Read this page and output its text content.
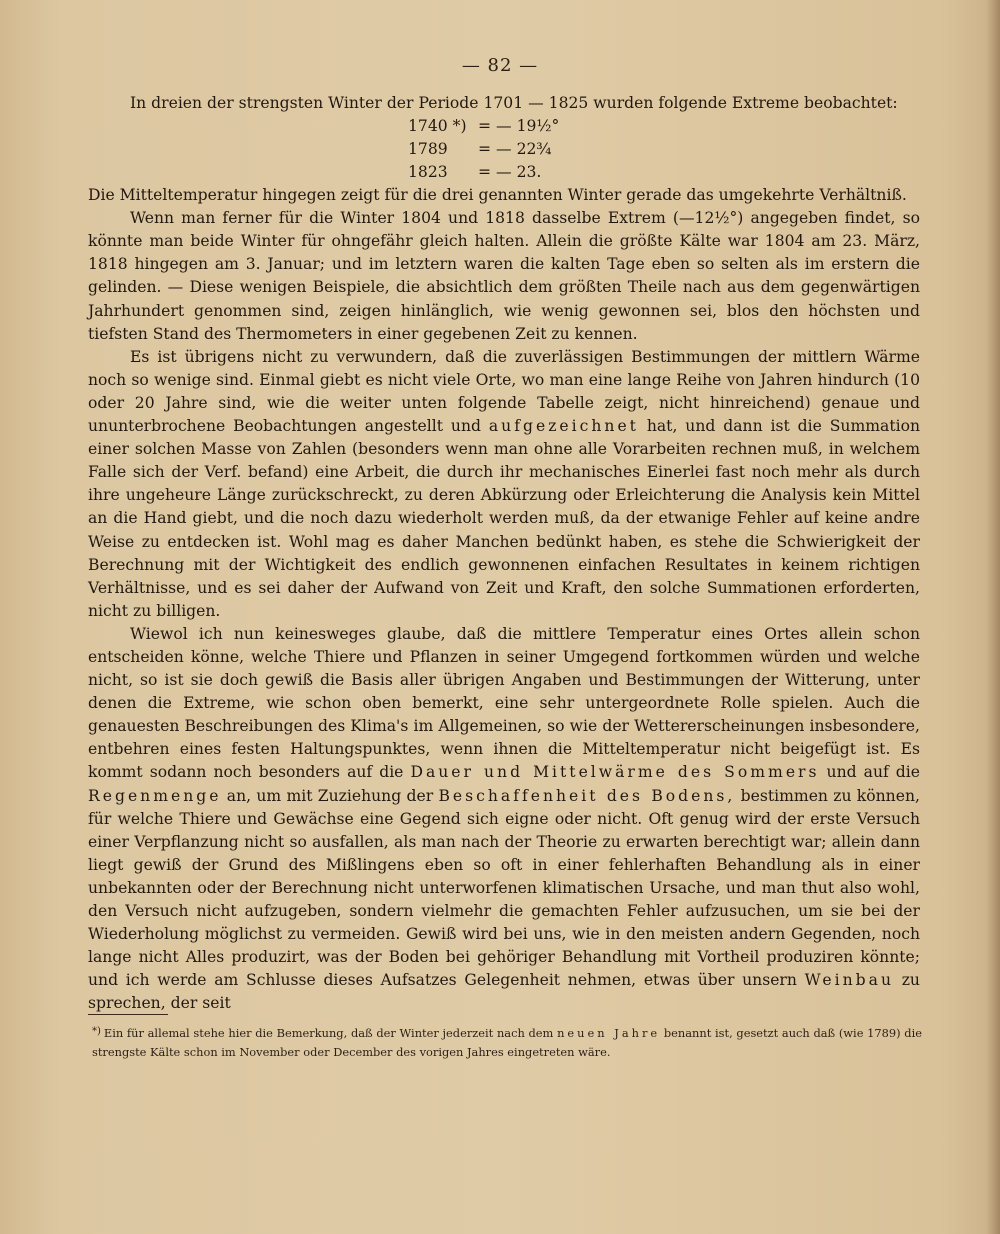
— 82 —

In dreien der strengsten Winter der Periode 1701 — 1825 wurden folgende Extreme beobachtet:

1740 *) = — 19½°
1789	= — 22¾
1823	= — 23.

Die Mitteltemperatur hingegen zeigt für die drei genannten Winter gerade das umgekehrte Verhältniß.

Wenn man ferner für die Winter 1804 und 1818 dasselbe Extrem (—12½°) angegeben findet, so könnte man beide Winter für ohngefähr gleich halten. Allein die größte Kälte war 1804 am 23. März, 1818 hingegen am 3. Januar; und im letztern waren die kalten Tage eben so selten als im erstern die gelinden. — Diese wenigen Beispiele, die absichtlich dem größten Theile nach aus dem gegenwärtigen Jahrhundert genommen sind, zeigen hinlänglich, wie wenig gewonnen sei, blos den höchsten und tiefsten Stand des Thermometers in einer gegebenen Zeit zu kennen.

Es ist übrigens nicht zu verwundern, daß die zuverlässigen Bestimmungen der mittlern Wärme noch so wenige sind. Einmal giebt es nicht viele Orte, wo man eine lange Reihe von Jahren hindurch (10 oder 20 Jahre sind, wie die weiter unten folgende Tabelle zeigt, nicht hinreichend) genaue und ununterbrochene Beobachtungen angestellt und aufgezeichnet hat, und dann ist die Summation einer solchen Masse von Zahlen (besonders wenn man ohne alle Vorarbeiten rechnen muß, in welchem Falle sich der Verf. befand) eine Arbeit, die durch ihr mechanisches Einerlei fast noch mehr als durch ihre ungeheure Länge zurückschreckt, zu deren Abkürzung oder Erleichterung die Analysis kein Mittel an die Hand giebt, und die noch dazu wiederholt werden muß, da der etwanige Fehler auf keine andre Weise zu entdecken ist. Wohl mag es daher Manchen bedünkt haben, es stehe die Schwierigkeit der Berechnung mit der Wichtigkeit des endlich gewonnenen einfachen Resultates in keinem richtigen Verhältnisse, und es sei daher der Aufwand von Zeit und Kraft, den solche Summationen erforderten, nicht zu billigen.

Wiewol ich nun keinesweges glaube, daß die mittlere Temperatur eines Ortes allein schon entscheiden könne, welche Thiere und Pflanzen in seiner Umgegend fortkommen würden und welche nicht, so ist sie doch gewiß die Basis aller übrigen Angaben und Bestimmungen der Witterung, unter denen die Extreme, wie schon oben bemerkt, eine sehr untergeordnete Rolle spielen. Auch die genauesten Beschreibungen des Klima's im Allgemeinen, so wie der Wettererscheinungen insbesondere, entbehren eines festen Haltungspunktes, wenn ihnen die Mitteltemperatur nicht beigefügt ist. Es kommt sodann noch besonders auf die Dauer und Mittelwärme des Sommers und auf die Regenmenge an, um mit Zuziehung der Beschaffenheit des Bodens, bestimmen zu können, für welche Thiere und Gewächse eine Gegend sich eigne oder nicht. Oft genug wird der erste Versuch einer Verpflanzung nicht so ausfallen, als man nach der Theorie zu erwarten berechtigt war; allein dann liegt gewiß der Grund des Mißlingens eben so oft in einer fehlerhaften Behandlung als in einer unbekannten oder der Berechnung nicht unterworfenen klimatischen Ursache, und man thut also wohl, den Versuch nicht aufzugeben, sondern vielmehr die gemachten Fehler aufzusuchen, um sie bei der Wiederholung möglichst zu vermeiden. Gewiß wird bei uns, wie in den meisten andern Gegenden, noch lange nicht Alles produzirt, was der Boden bei gehöriger Behandlung mit Vortheil produziren könnte; und ich werde am Schlusse dieses Aufsatzes Gelegenheit nehmen, etwas über unsern Weinbau zu sprechen, der seit

*) Ein für allemal stehe hier die Bemerkung, daß der Winter jederzeit nach dem neuen Jahre benannt ist, gesetzt auch daß (wie 1789) die strengste Kälte schon im November oder December des vorigen Jahres eingetreten wäre.
